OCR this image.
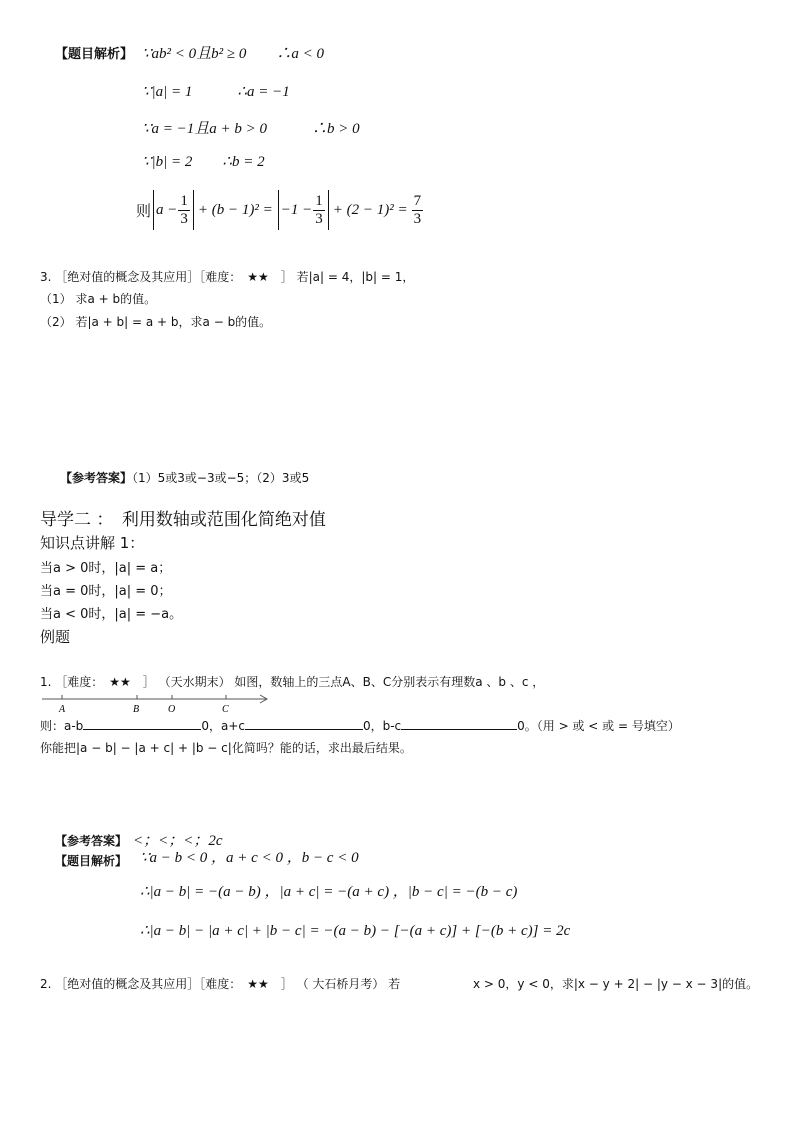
【题目解析】 ∵ab² < 0且b² ≥ 0　　∴a < 0
∵|a| = 1　　　∴a = −1
∵a = −1且a + b > 0　　　∴b > 0
∵|b| = 2　　∴b = 2
则 $a - \frac{1}{3} + (b - 1)^2 = -1 - \frac{1}{3} + (2 - 1)^2 = \frac{7}{3}$
3. ［绝对值的概念及其应用］［难度：　★★　］ 若|a| = 4，|b| = 1，
（1） 求a + b的值。
（2） 若|a + b| = a + b，求a − b的值。
【参考答案】（1）5或3或−3或−5；（2）3或5
导学二 ：　利用数轴或范围化简绝对值
知识点讲解 1：
当a > 0时，|a| = a；
当a = 0时，|a| = 0；
当a < 0时，|a| = −a。
例题
1. ［难度：　★★　］ （天水期末） 如图，数轴上的三点A、B、C分别表示有理数a 、b 、c ，
A	B	O	C
则：a-b	0，a+c	0，b-c	0。（用 > 或 < 或 = 号填空）
你能把|a − b| − |a + c| + |b − c|化简吗？能的话，求出最后结果。
【参考答案】 <；<；<；2c
【题目解析】 ∵a − b < 0 ，a + c < 0 ，b − c < 0
∴|a − b| = −(a − b) ，|a + c| = −(a + c) ，|b − c| = −(b − c)
∴|a − b| − |a + c| + |b − c| = −(a − b) − [−(a + c)] + [−(b + c)] = 2c
2. ［绝对值的概念及其应用］［难度：　★★　］ （ 大石桥月考） 若	x > 0，y < 0，求|x − y + 2| − |y − x − 3|的值。
